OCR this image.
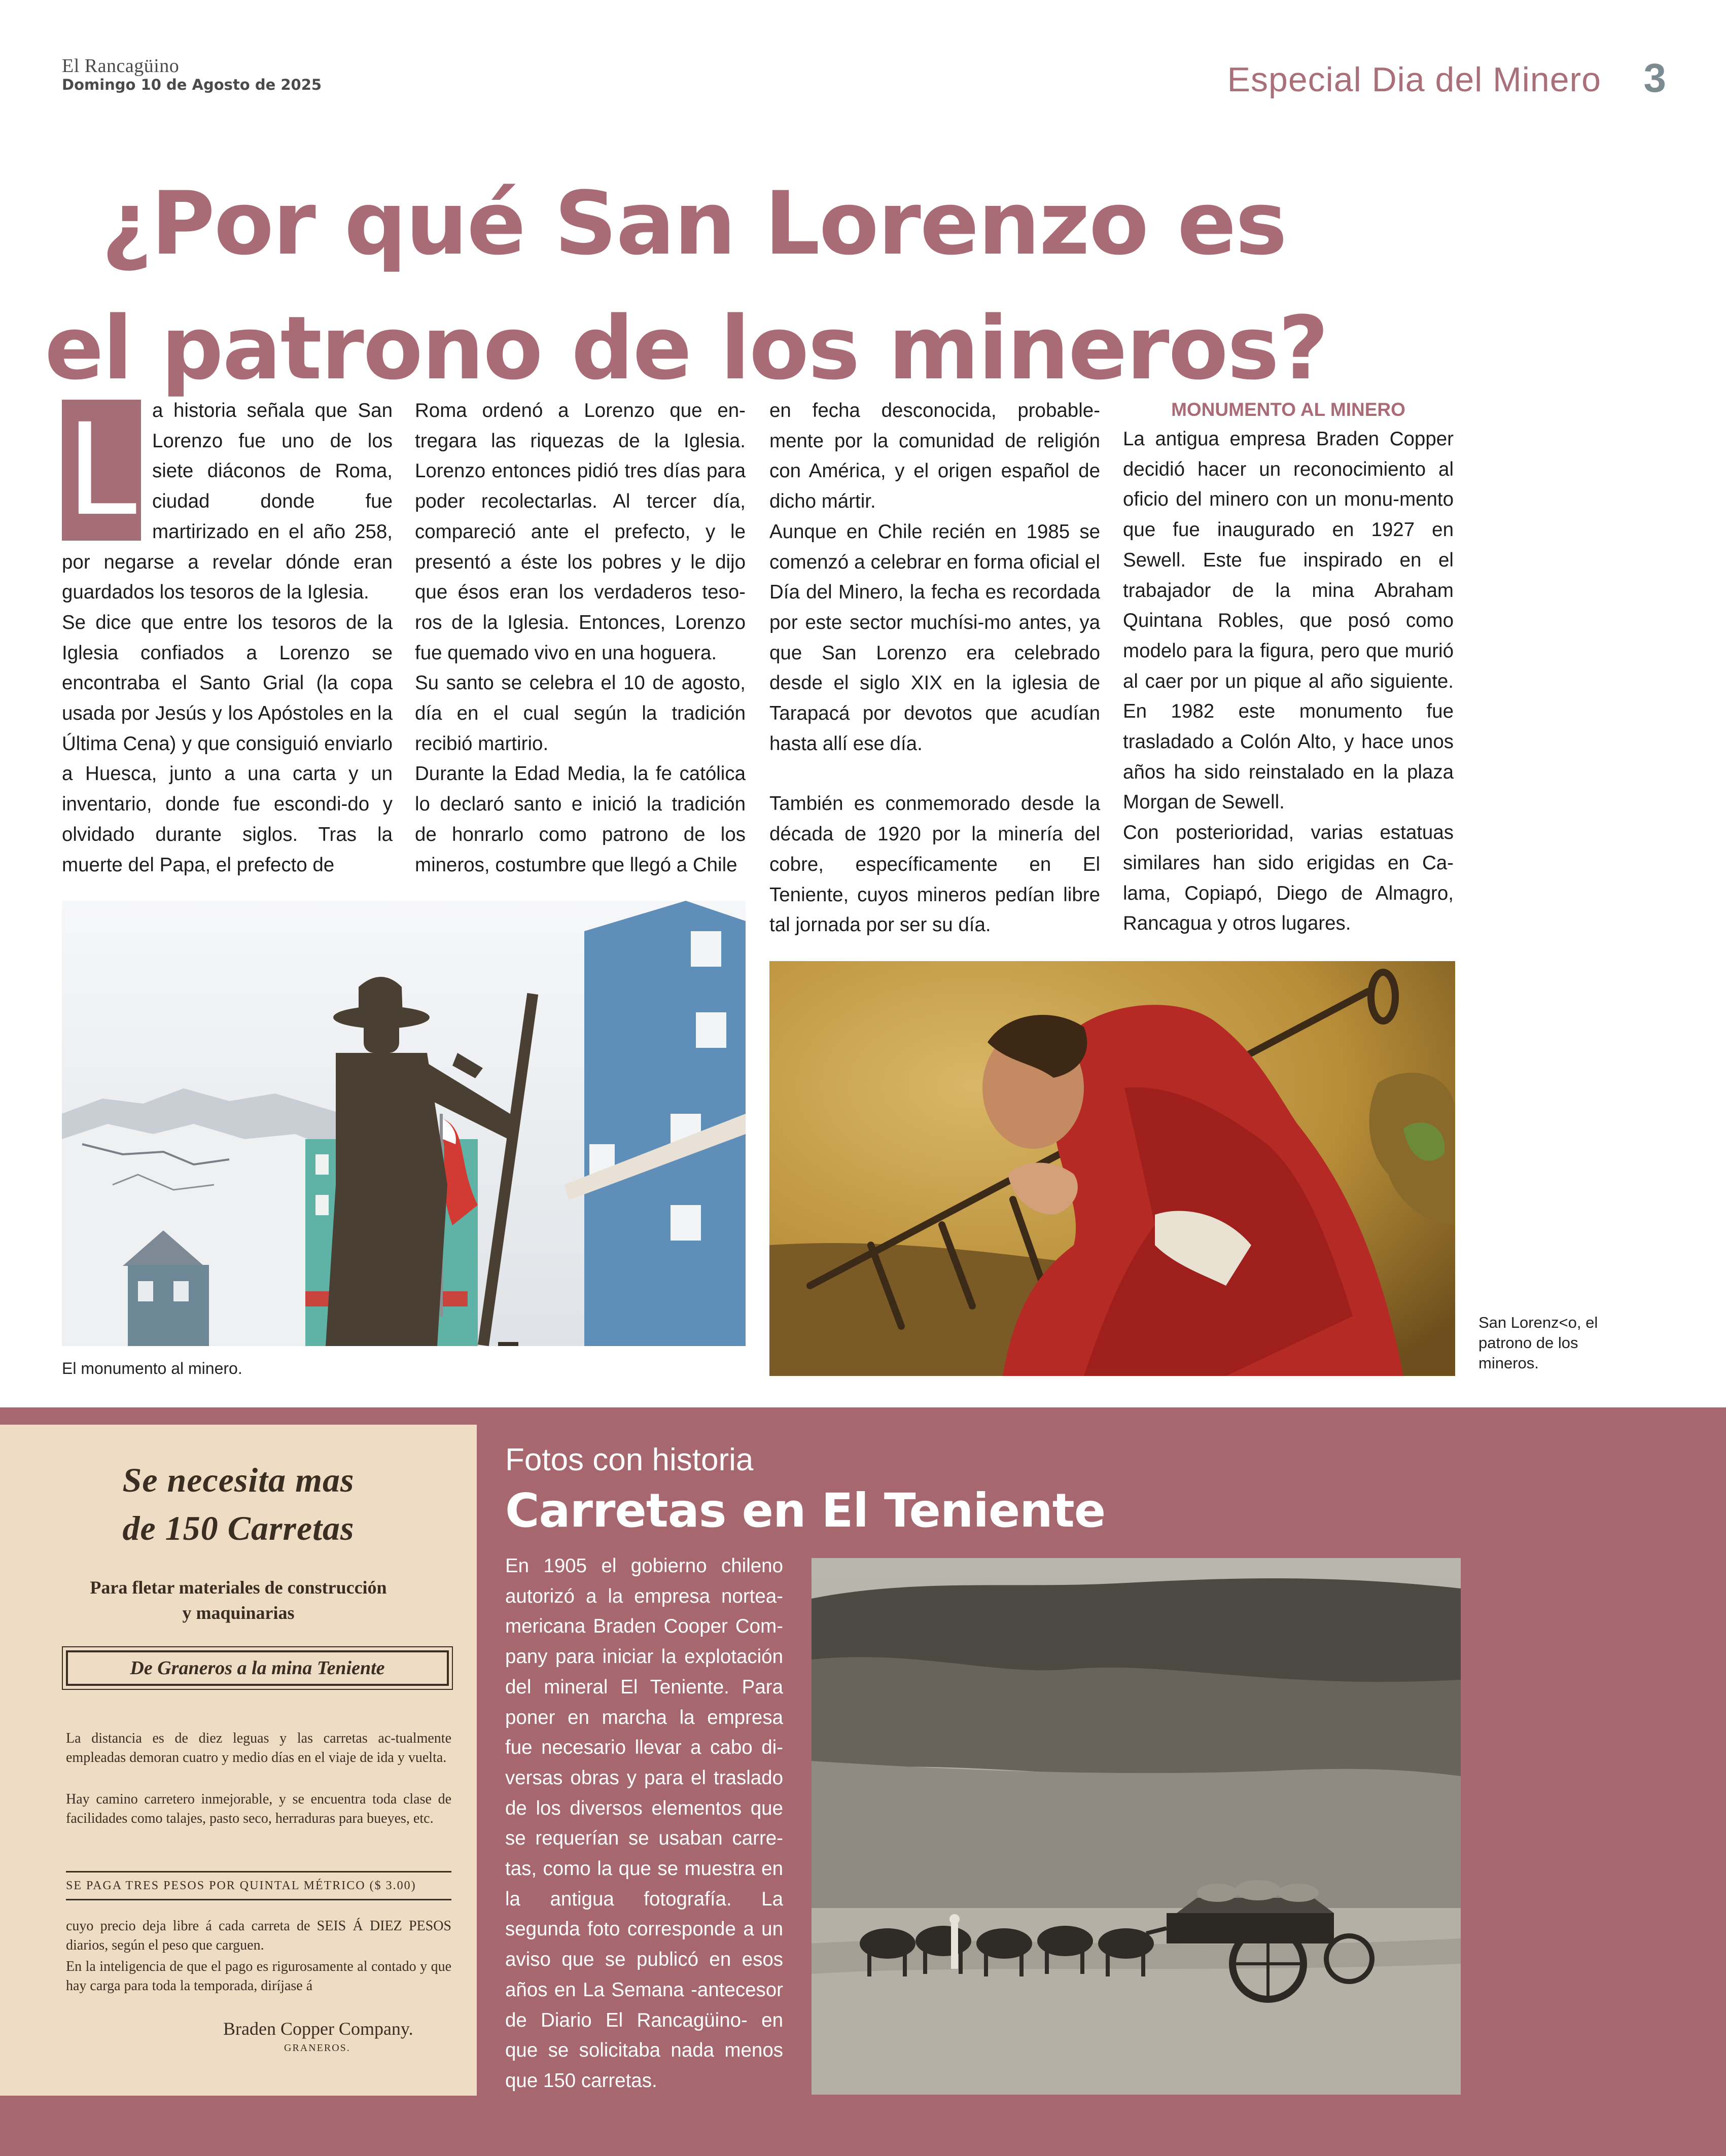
El Rancagüino
Domingo 10 de Agosto de 2025	Especial Dia del Minero 3
¿Por qué San Lorenzo es
el patrono de los mineros?
L a historia señala que San Lorenzo fue uno de los siete diáconos de Roma, ciudad donde fue martirizado en el año 258, por negarse a revelar dónde eran guardados los tesoros de la Iglesia.

Se dice que entre los tesoros de la Iglesia confiados a Lorenzo se encontraba el Santo Grial (la copa usada por Jesús y los Apóstoles en la Última Cena) y que consiguió enviarlo a Huesca, junto a una carta y un inventario, donde fue escondi-do y olvidado durante siglos. Tras la muerte del Papa, el prefecto de

Roma ordenó a Lorenzo que en-tregara las riquezas de la Iglesia. Lorenzo entonces pidió tres días para poder recolectarlas. Al tercer día, compareció ante el prefecto, y le presentó a éste los pobres y le dijo que ésos eran los verdaderos teso-ros de la Iglesia. Entonces, Lorenzo fue quemado vivo en una hoguera.

Su santo se celebra el 10 de agosto, día en el cual según la tradición recibió martirio.

Durante la Edad Media, la fe católica lo declaró santo e inició la tradición de honrarlo como patrono de los mineros, costumbre que llegó a Chile

en fecha desconocida, probable-mente por la comunidad de religión con América, y el origen español de dicho mártir.

Aunque en Chile recién en 1985 se comenzó a celebrar en forma oficial el Día del Minero, la fecha es recordada por este sector muchísi-mo antes, ya que San Lorenzo era celebrado desde el siglo XIX en la iglesia de Tarapacá por devotos que acudían hasta allí ese día.

También es conmemorado desde la década de 1920 por la minería del cobre, específicamente en El Teniente, cuyos mineros pedían libre tal jornada por ser su día.

MONUMENTO AL MINERO

La antigua empresa Braden Copper decidió hacer un reconocimiento al oficio del minero con un monu-mento que fue inaugurado en 1927 en Sewell. Este fue inspirado en el trabajador de la mina Abraham Quintana Robles, que posó como modelo para la figura, pero que murió al caer por un pique al año siguiente. En 1982 este monumento fue trasladado a Colón Alto, y hace unos años ha sido reinstalado en la plaza Morgan de Sewell.

Con posterioridad, varias estatuas similares han sido erigidas en Ca-lama, Copiapó, Diego de Almagro, Rancagua y otros lugares.

El monumento al minero.
San Lorenz<o, el patrono de los mineros.
Se necesita mas
de 150 Carretas
Para fletar materiales de construcción
y maquinarias
De Graneros a la mina Teniente
La distancia es de diez leguas y las carretas ac-tualmente empleadas demoran cuatro y medio días en el viaje de ida y vuelta.
Hay camino carretero inmejorable, y se encuentra toda clase de facilidades como talajes, pasto seco, herraduras para bueyes, etc.
SE PAGA TRES PESOS POR QUINTAL MÉTRICO ($ 3.00)
cuyo precio deja libre á cada carreta de SEIS Á DIEZ PESOS diarios, según el peso que carguen.
En la inteligencia de que el pago es rigurosamente al contado y que hay carga para toda la temporada, diríjase á
Braden Copper Company.
GRANEROS.
Fotos con historia
Carretas en El Teniente

En 1905 el gobierno chileno autorizó a la empresa nortea-mericana Braden Cooper Com-pany para iniciar la explotación del mineral El Teniente. Para poner en marcha la empresa fue necesario llevar a cabo di-versas obras y para el traslado de los diversos elementos que se requerían se usaban carre-tas, como la que se muestra en la antigua fotografía. La segunda foto corresponde a un aviso que se publicó en esos años en La Semana -antecesor de Diario El Rancagüino- en que se solicitaba nada menos que 150 carretas.
